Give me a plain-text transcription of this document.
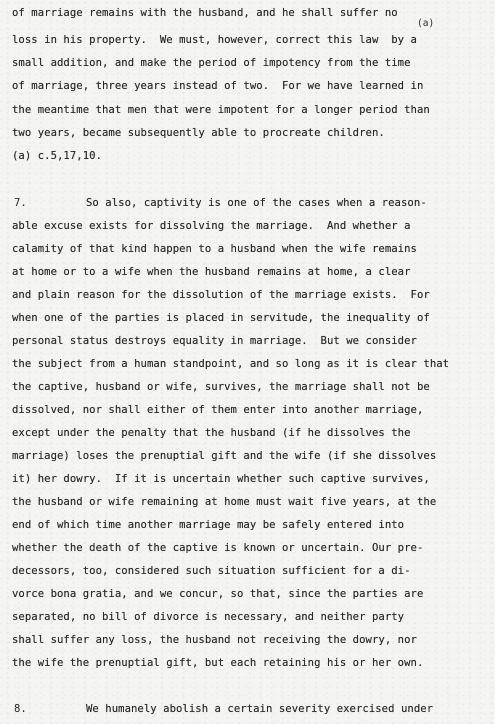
(a)
of marriage remains with the husband, and he shall suffer no
loss in his property.  We must, however, correct this law  by a
small addition, and make the period of impotency from the time
of marriage, three years instead of two.  For we have learned in
the meantime that men that were impotent for a longer period than
two years, became subsequently able to procreate children.
(a) c.5,17,10.
7.	So also, captivity is one of the cases when a reason-
able excuse exists for dissolving the marriage.  And whether a
calamity of that kind happen to a husband when the wife remains
at home or to a wife when the husband remains at home, a clear
and plain reason for the dissolution of the marriage exists.  For
when one of the parties is placed in servitude, the inequality of
personal status destroys equality in marriage.  But we consider
the subject from a human standpoint, and so long as it is clear that
the captive, husband or wife, survives, the marriage shall not be
dissolved, nor shall either of them enter into another marriage,
except under the penalty that the husband (if he dissolves the
marriage) loses the prenuptial gift and the wife (if she dissolves
it) her dowry.  If it is uncertain whether such captive survives,
the husband or wife remaining at home must wait five years, at the
end of which time another marriage may be safely entered into
whether the death of the captive is known or uncertain. Our pre-
decessors, too, considered such situation sufficient for a di-
vorce bona gratia, and we concur, so that, since the parties are
separated, no bill of divorce is necessary, and neither party
shall suffer any loss, the husband not receiving the dowry, nor
the wife the prenuptial gift, but each retaining his or her own.
8.	We humanely abolish a certain severity exercised under
